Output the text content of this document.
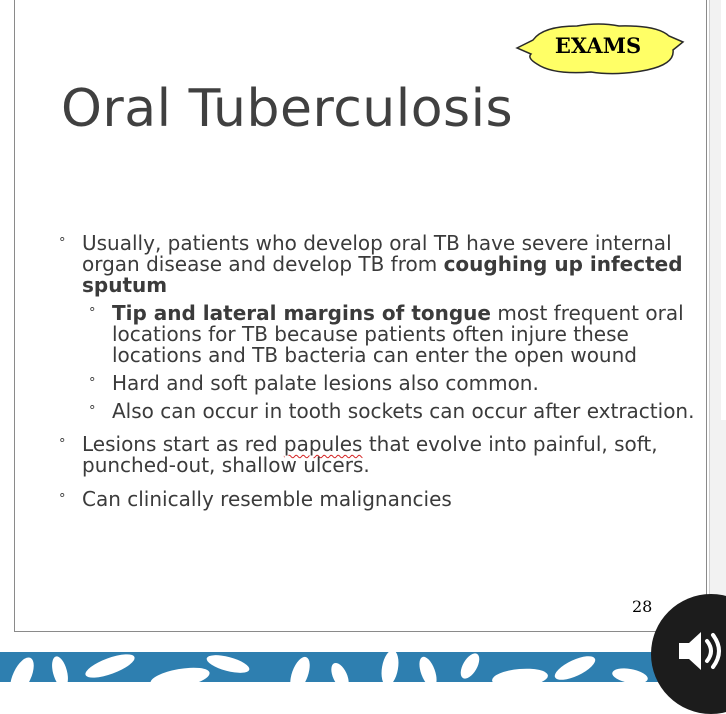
EXAMS
Oral Tuberculosis
° Usually, patients who develop oral TB have severe internal organ disease and develop TB from coughing up infected sputum
° Tip and lateral margins of tongue most frequent oral locations for TB because patients often injure these locations and TB bacteria can enter the open wound
° Hard and soft palate lesions also common.
° Also can occur in tooth sockets can occur after extraction.
° Lesions start as red papules that evolve into painful, soft, punched-out, shallow ulcers.
° Can clinically resemble malignancies
28
